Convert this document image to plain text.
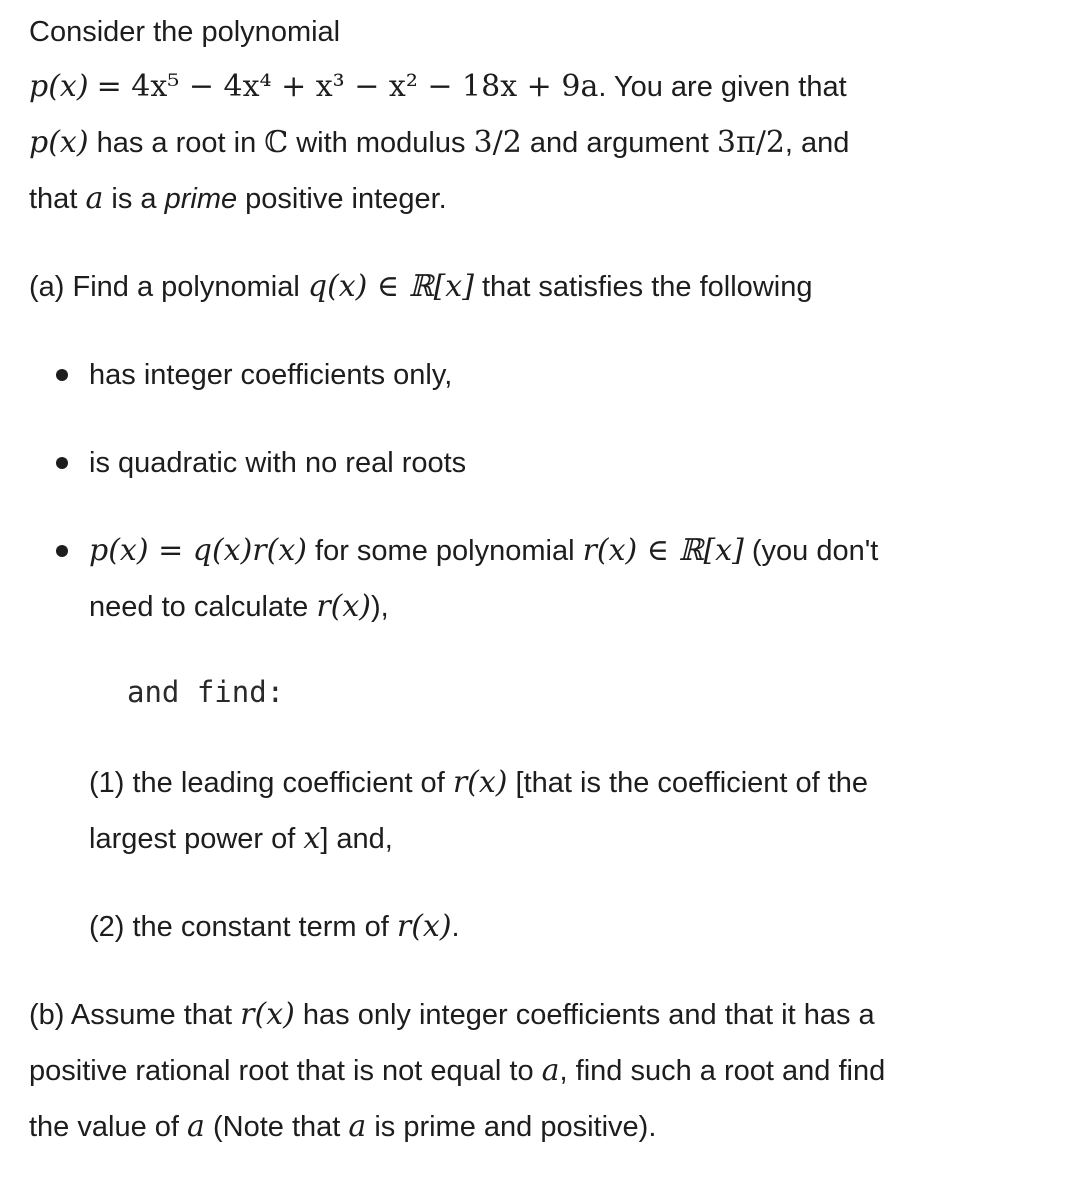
Consider the polynomial
p(x) = 4x⁵ − 4x⁴ + x³ − x² − 18x + 9a. You are given that
p(x) has a root in ℂ with modulus 3/2 and argument 3π/2, and
that a is a prime positive integer.
(a) Find a polynomial q(x) ∈ ℝ[x] that satisfies the following
has integer coefficients only,
is quadratic with no real roots
p(x) = q(x)r(x) for some polynomial r(x) ∈ ℝ[x] (you don't
need to calculate r(x)),
and find:
(1) the leading coefficient of r(x) [that is the coefficient of the
largest power of x] and,
(2) the constant term of r(x).
(b) Assume that r(x) has only integer coefficients and that it has a
positive rational root that is not equal to a, find such a root and find
the value of a (Note that a is prime and positive).
